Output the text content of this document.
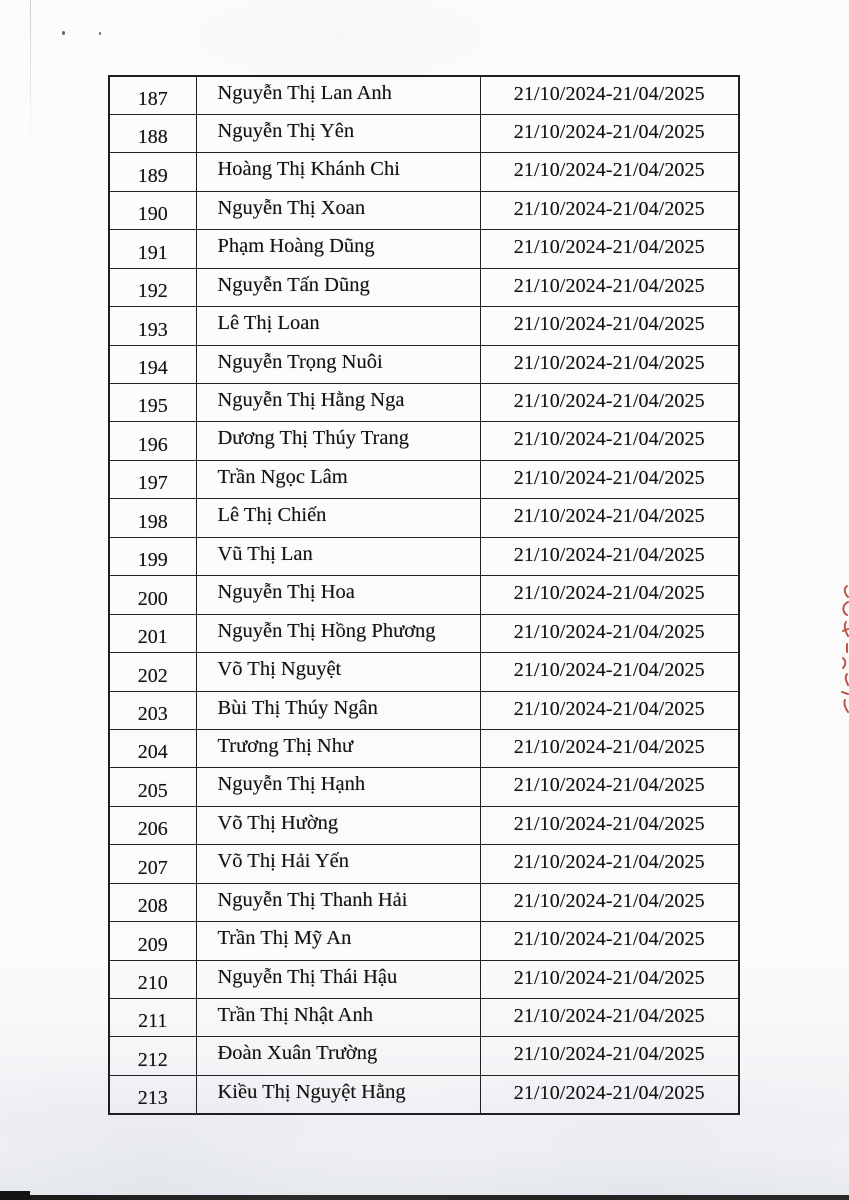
187	Nguyễn Thị Lan Anh	21/10/2024-21/04/2025
188	Nguyễn Thị Yên	21/10/2024-21/04/2025
189	Hoàng Thị Khánh Chi	21/10/2024-21/04/2025
190	Nguyễn Thị Xoan	21/10/2024-21/04/2025
191	Phạm Hoàng Dũng	21/10/2024-21/04/2025
192	Nguyễn Tấn Dũng	21/10/2024-21/04/2025
193	Lê Thị Loan	21/10/2024-21/04/2025
194	Nguyễn Trọng Nuôi	21/10/2024-21/04/2025
195	Nguyễn Thị Hằng Nga	21/10/2024-21/04/2025
196	Dương Thị Thúy Trang	21/10/2024-21/04/2025
197	Trần Ngọc Lâm	21/10/2024-21/04/2025
198	Lê Thị Chiến	21/10/2024-21/04/2025
199	Vũ Thị Lan	21/10/2024-21/04/2025
200	Nguyễn Thị Hoa	21/10/2024-21/04/2025
201	Nguyễn Thị Hồng Phương	21/10/2024-21/04/2025
202	Võ Thị Nguyệt	21/10/2024-21/04/2025
203	Bùi Thị Thúy Ngân	21/10/2024-21/04/2025
204	Trương Thị Như	21/10/2024-21/04/2025
205	Nguyễn Thị Hạnh	21/10/2024-21/04/2025
206	Võ Thị Hường	21/10/2024-21/04/2025
207	Võ Thị Hải Yến	21/10/2024-21/04/2025
208	Nguyễn Thị Thanh Hải	21/10/2024-21/04/2025
209	Trần Thị Mỹ An	21/10/2024-21/04/2025
210	Nguyễn Thị Thái Hậu	21/10/2024-21/04/2025
211	Trần Thị Nhật Anh	21/10/2024-21/04/2025
212	Đoàn Xuân Trường	21/10/2024-21/04/2025
213	Kiều Thị Nguyệt Hằng	21/10/2024-21/04/2025
